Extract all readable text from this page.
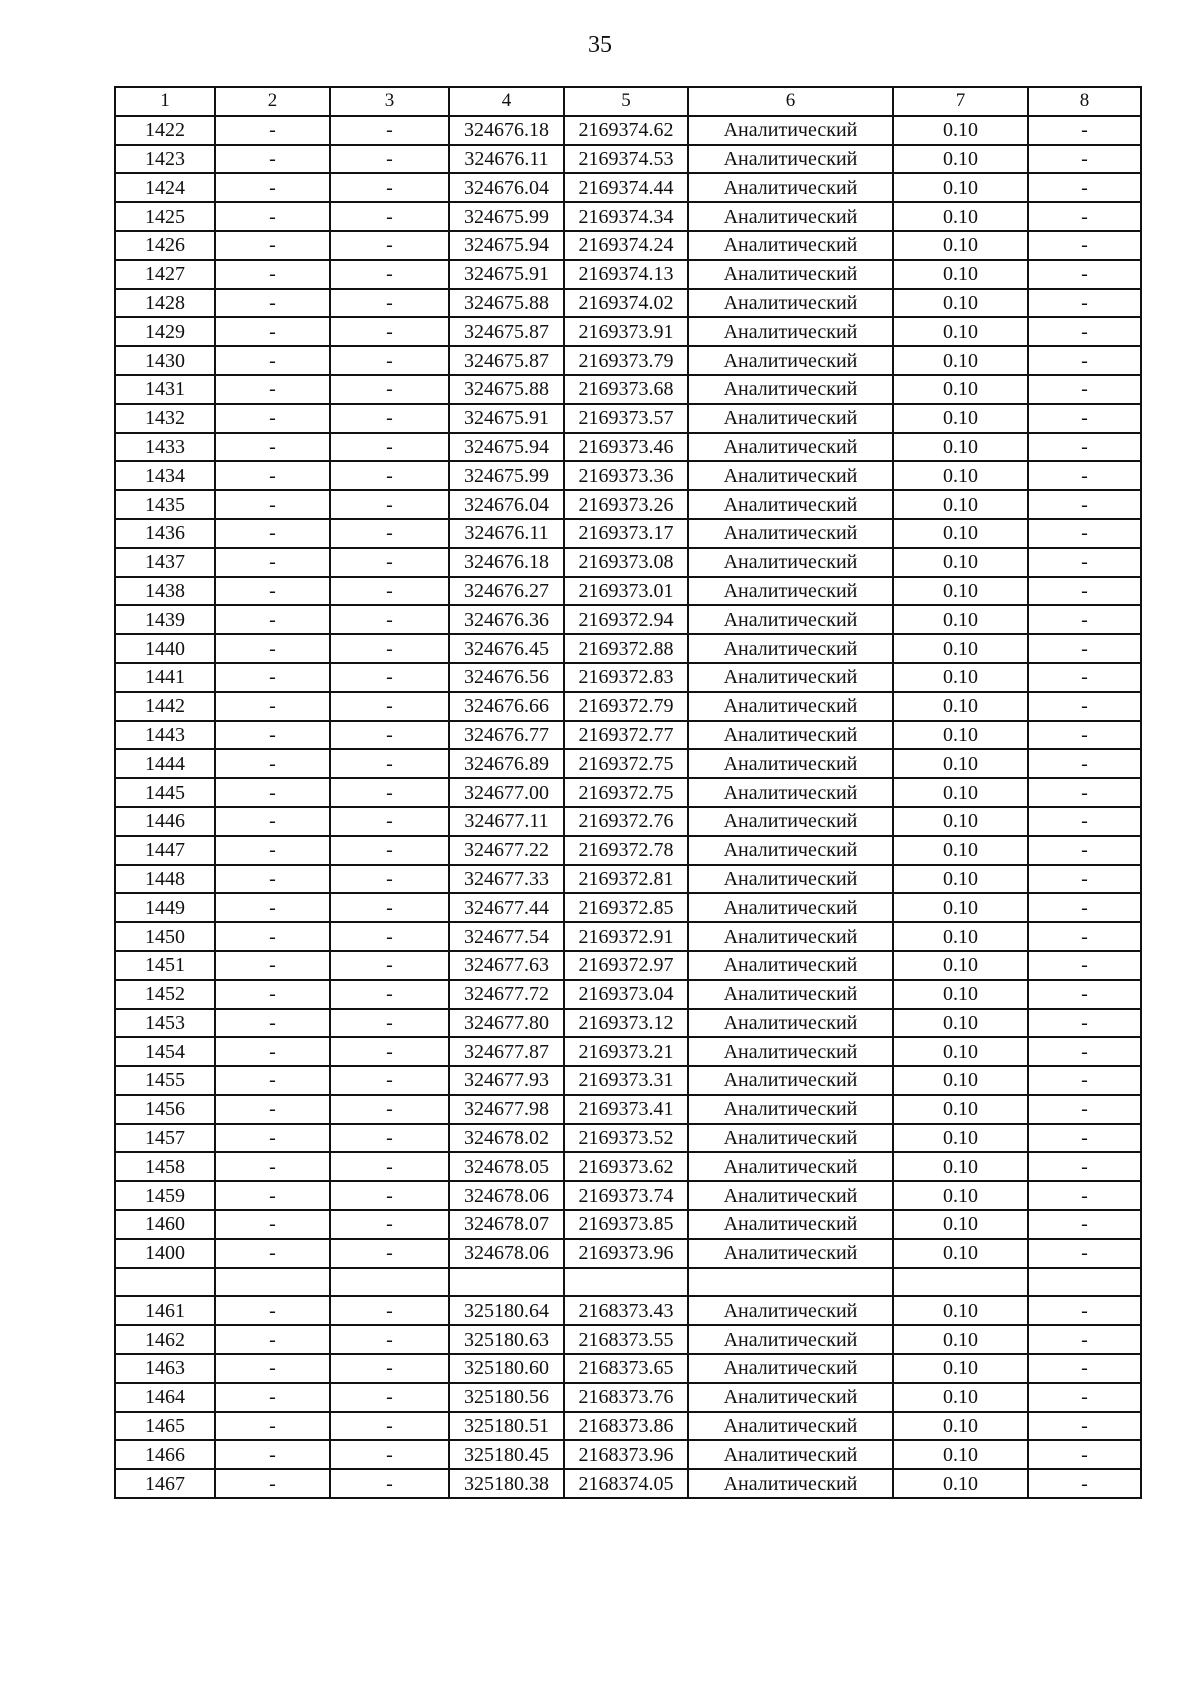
35
1	2	3	4	5	6	7	8
1422	-	-	324676.18	2169374.62	Аналитический	0.10	-
1423	-	-	324676.11	2169374.53	Аналитический	0.10	-
1424	-	-	324676.04	2169374.44	Аналитический	0.10	-
1425	-	-	324675.99	2169374.34	Аналитический	0.10	-
1426	-	-	324675.94	2169374.24	Аналитический	0.10	-
1427	-	-	324675.91	2169374.13	Аналитический	0.10	-
1428	-	-	324675.88	2169374.02	Аналитический	0.10	-
1429	-	-	324675.87	2169373.91	Аналитический	0.10	-
1430	-	-	324675.87	2169373.79	Аналитический	0.10	-
1431	-	-	324675.88	2169373.68	Аналитический	0.10	-
1432	-	-	324675.91	2169373.57	Аналитический	0.10	-
1433	-	-	324675.94	2169373.46	Аналитический	0.10	-
1434	-	-	324675.99	2169373.36	Аналитический	0.10	-
1435	-	-	324676.04	2169373.26	Аналитический	0.10	-
1436	-	-	324676.11	2169373.17	Аналитический	0.10	-
1437	-	-	324676.18	2169373.08	Аналитический	0.10	-
1438	-	-	324676.27	2169373.01	Аналитический	0.10	-
1439	-	-	324676.36	2169372.94	Аналитический	0.10	-
1440	-	-	324676.45	2169372.88	Аналитический	0.10	-
1441	-	-	324676.56	2169372.83	Аналитический	0.10	-
1442	-	-	324676.66	2169372.79	Аналитический	0.10	-
1443	-	-	324676.77	2169372.77	Аналитический	0.10	-
1444	-	-	324676.89	2169372.75	Аналитический	0.10	-
1445	-	-	324677.00	2169372.75	Аналитический	0.10	-
1446	-	-	324677.11	2169372.76	Аналитический	0.10	-
1447	-	-	324677.22	2169372.78	Аналитический	0.10	-
1448	-	-	324677.33	2169372.81	Аналитический	0.10	-
1449	-	-	324677.44	2169372.85	Аналитический	0.10	-
1450	-	-	324677.54	2169372.91	Аналитический	0.10	-
1451	-	-	324677.63	2169372.97	Аналитический	0.10	-
1452	-	-	324677.72	2169373.04	Аналитический	0.10	-
1453	-	-	324677.80	2169373.12	Аналитический	0.10	-
1454	-	-	324677.87	2169373.21	Аналитический	0.10	-
1455	-	-	324677.93	2169373.31	Аналитический	0.10	-
1456	-	-	324677.98	2169373.41	Аналитический	0.10	-
1457	-	-	324678.02	2169373.52	Аналитический	0.10	-
1458	-	-	324678.05	2169373.62	Аналитический	0.10	-
1459	-	-	324678.06	2169373.74	Аналитический	0.10	-
1460	-	-	324678.07	2169373.85	Аналитический	0.10	-
1400	-	-	324678.06	2169373.96	Аналитический	0.10	-

1461	-	-	325180.64	2168373.43	Аналитический	0.10	-
1462	-	-	325180.63	2168373.55	Аналитический	0.10	-
1463	-	-	325180.60	2168373.65	Аналитический	0.10	-
1464	-	-	325180.56	2168373.76	Аналитический	0.10	-
1465	-	-	325180.51	2168373.86	Аналитический	0.10	-
1466	-	-	325180.45	2168373.96	Аналитический	0.10	-
1467	-	-	325180.38	2168374.05	Аналитический	0.10	-
